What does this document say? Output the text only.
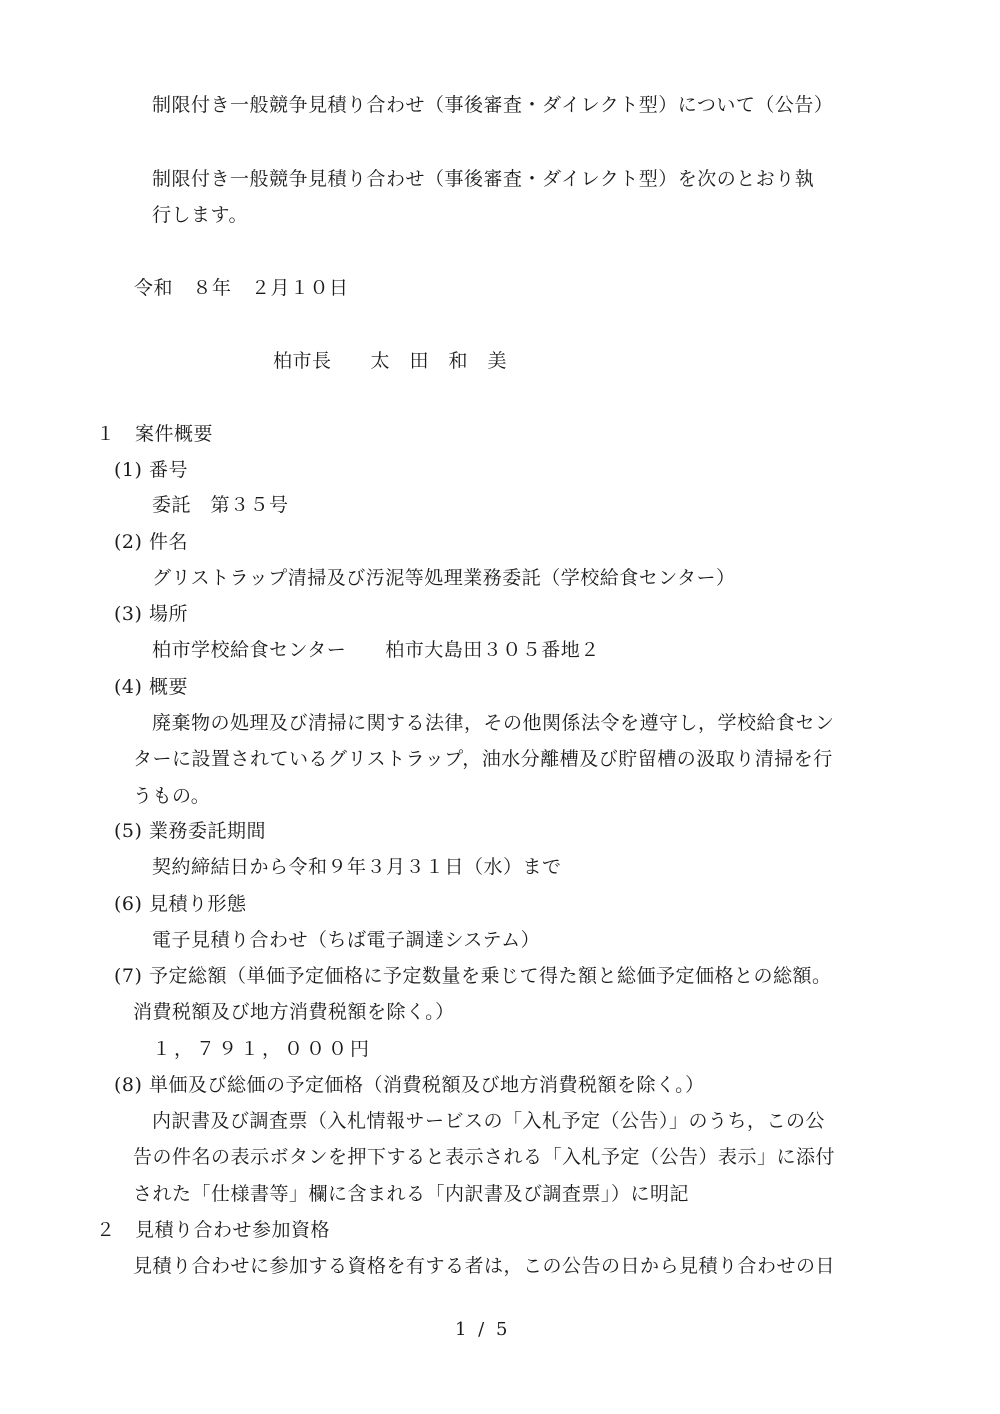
制限付き一般競争見積り合わせ（事後審査・ダイレクト型）について（公告）
制限付き一般競争見積り合わせ（事後審査・ダイレクト型）を次のとおり執
行します。
令和　８年　２月１０日
柏市長　　太　田　和　美
１　案件概要
(1) 番号
委託　第３５号
(2) 件名
グリストラップ清掃及び汚泥等処理業務委託（学校給食センター）
(3) 場所
柏市学校給食センター　　柏市大島田３０５番地２
(4) 概要
廃棄物の処理及び清掃に関する法律，その他関係法令を遵守し，学校給食セン
ターに設置されているグリストラップ，油水分離槽及び貯留槽の汲取り清掃を行
うもの。
(5) 業務委託期間
契約締結日から令和９年３月３１日（水）まで
(6) 見積り形態
電子見積り合わせ（ちば電子調達システム）
(7) 予定総額（単価予定価格に予定数量を乗じて得た額と総価予定価格との総額。
消費税額及び地方消費税額を除く。）
１，７９１，０００円
(8) 単価及び総価の予定価格（消費税額及び地方消費税額を除く。）
内訳書及び調査票（入札情報サービスの「入札予定（公告）」のうち，この公
告の件名の表示ボタンを押下すると表示される「入札予定（公告）表示」に添付
された「仕様書等」欄に含まれる「内訳書及び調査票」）に明記
２　見積り合わせ参加資格
見積り合わせに参加する資格を有する者は，この公告の日から見積り合わせの日
1 / 5
